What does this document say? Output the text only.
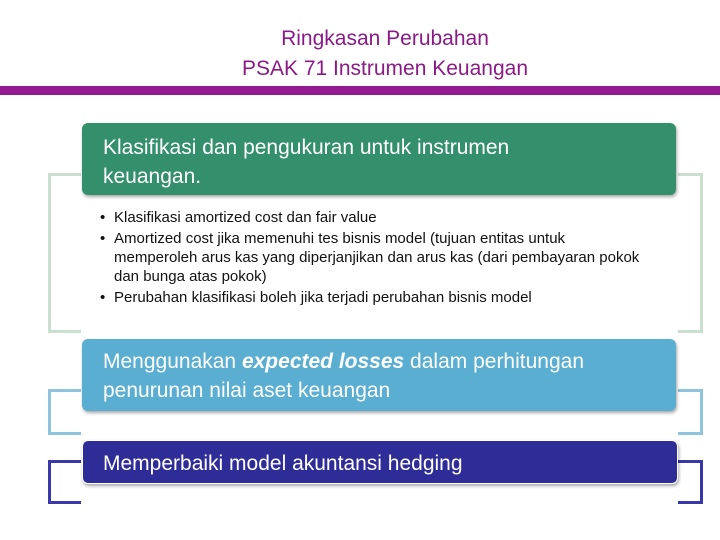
Ringkasan Perubahan
PSAK 71 Instrumen Keuangan
Klasifikasi dan pengukuran untuk instrumen keuangan.
• Klasifikasi amortized cost dan fair value
• Amortized cost jika memenuhi tes bisnis model (tujuan entitas untuk memperoleh arus kas yang diperjanjikan dan arus kas (dari pembayaran pokok dan bunga atas pokok)
• Perubahan klasifikasi boleh jika terjadi perubahan bisnis model
Menggunakan expected losses dalam perhitungan penurunan nilai aset keuangan
Memperbaiki model akuntansi hedging
